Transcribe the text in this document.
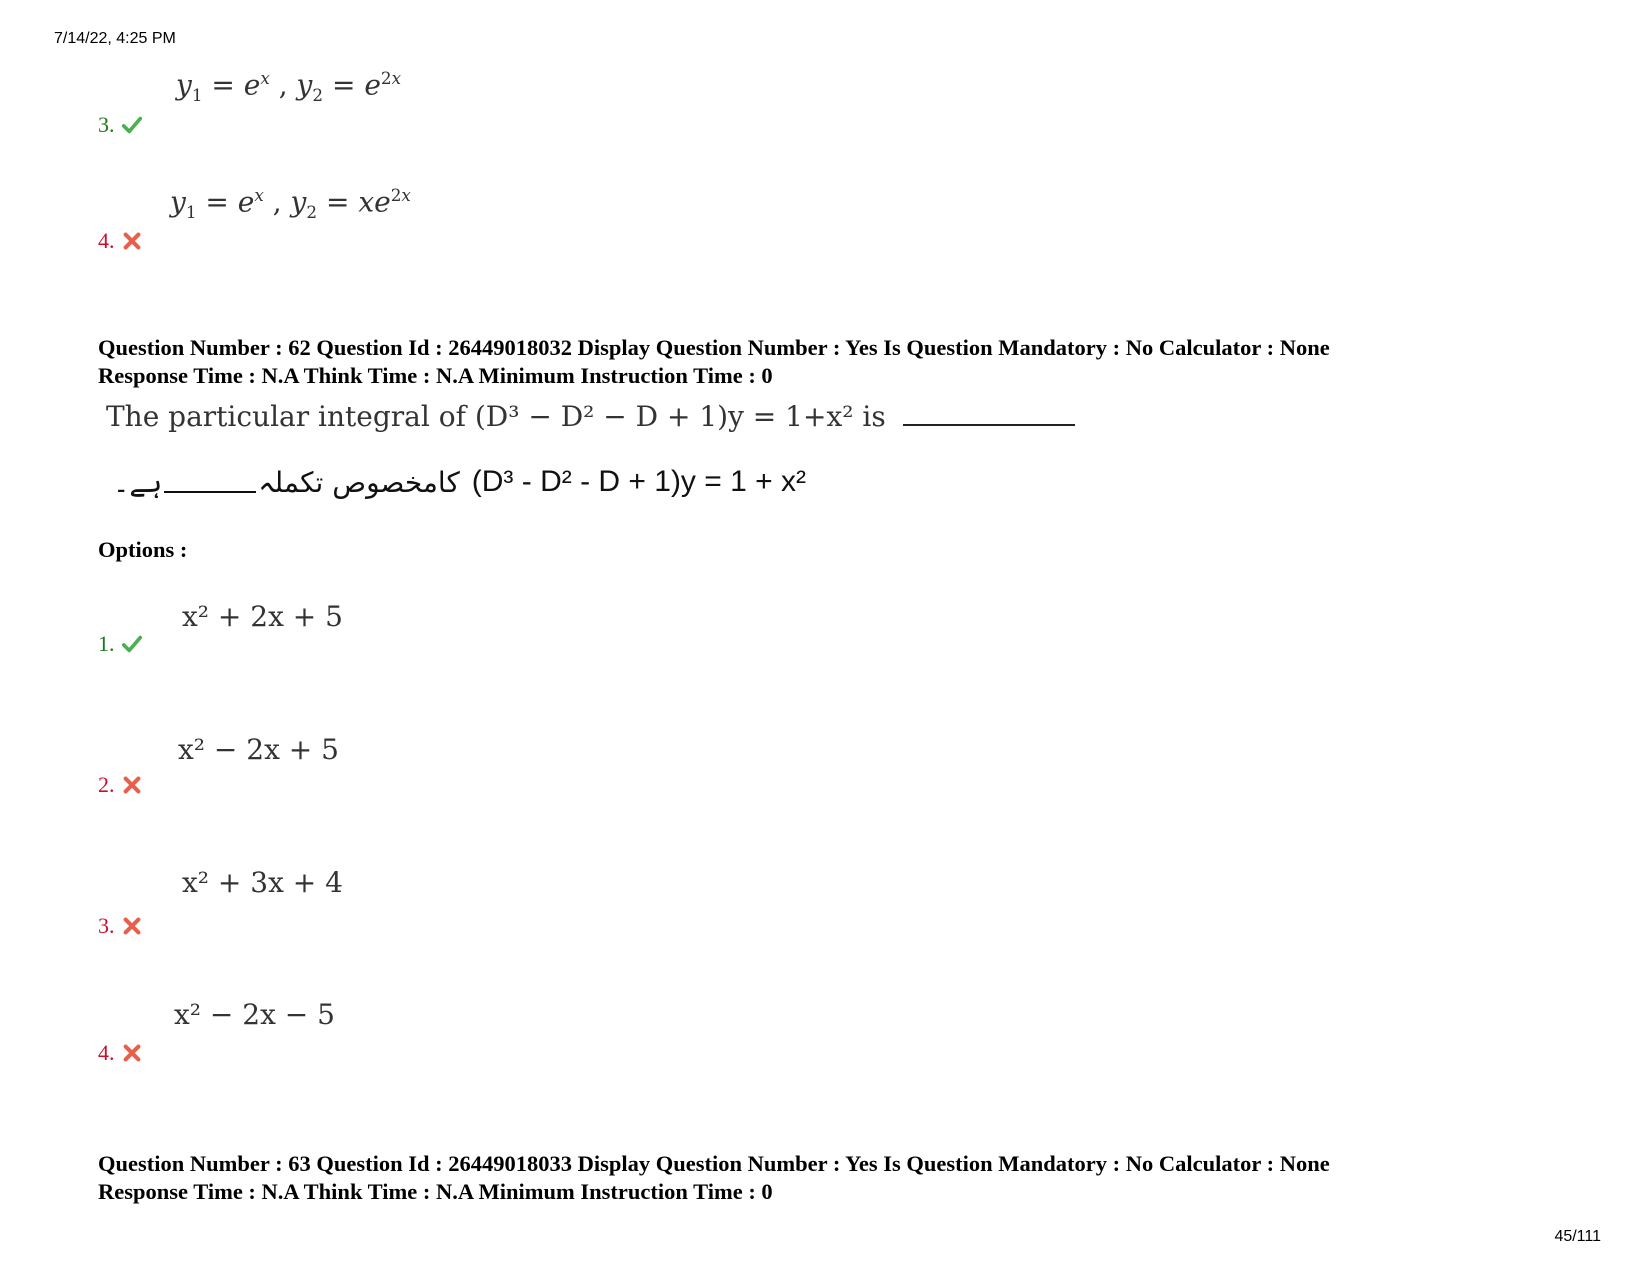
7/14/22, 4:25 PM
45/111
$y_1 = e^x$ , $y_2 = e^{2x}$
3.
$y_1 = e^x$ , $y_2 = xe^{2x}$
4.
Question Number : 62 Question Id : 26449018032 Display Question Number : Yes Is Question Mandatory : No Calculator : None
Response Time : N.A Think Time : N.A Minimum Instruction Time : 0
The particular integral of (D³ − D² − D + 1)y = 1+x² is
ہے۔	کامخصوص تکملہ (D³ - D² - D + 1)y = 1 + x²
Options :
x² + 2x + 5
1.
x² − 2x + 5
2.
x² + 3x + 4
3.
x² − 2x − 5
4.
Question Number : 63 Question Id : 26449018033 Display Question Number : Yes Is Question Mandatory : No Calculator : None
Response Time : N.A Think Time : N.A Minimum Instruction Time : 0
